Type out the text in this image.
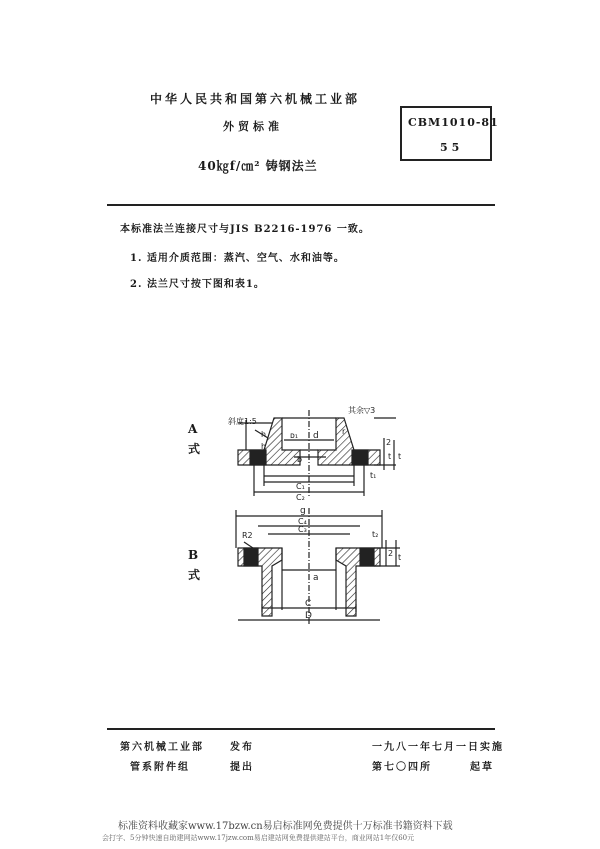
中华人民共和国第六机械工业部
外贸标准
40㎏f/㎝² 铸钢法兰
CBM1010-81
55
本标准法兰连接尺寸与JIS B2216-1976 一致。
1. 适用介质范围：蒸汽、空气、水和油等。
2. 法兰尺寸按下图和表1。
A
式
B
式
斜度1:5
其余▽3
h
h
ᴅ₁ d
b
r
C₁
C₂
t
t₁
t
2
g
C₄
C₃
t₂
R2
a
C
D
2 t
第六机械工业部	发布	一九八一年七月一日实施
管系附件组	提出	第七〇四所	起草
标准资料收藏家www.17bzw.cn易启标准网免费提供十万标准书籍资料下载
会打字、5分钟快速自助建网站www.17jzw.com易启建站网免费提供建站平台，商业网站1年仅60元
